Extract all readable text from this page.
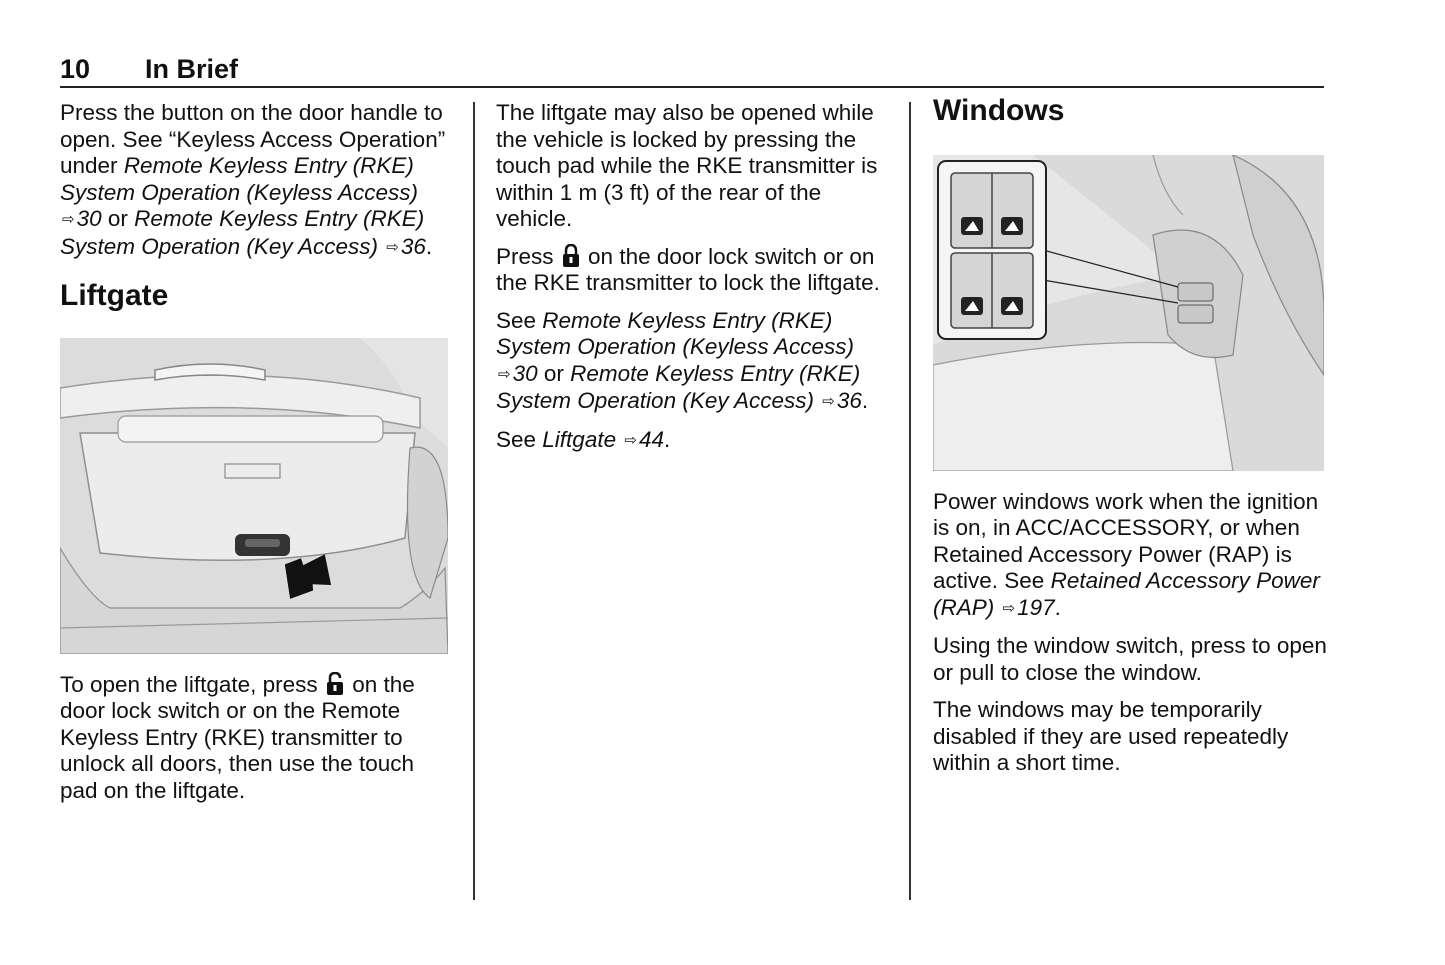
10 In Brief

Press the button on the door handle to open. See “Keyless Access Operation” under Remote Keyless Entry (RKE) System Operation (Keyless Access) ⇨30 or Remote Keyless Entry (RKE) System Operation (Key Access) ⇨36.

Liftgate

To open the liftgate, press on the door lock switch or on the Remote Keyless Entry (RKE) transmitter to unlock all doors, then use the touch pad on the liftgate.

The liftgate may also be opened while the vehicle is locked by pressing the touch pad while the RKE transmitter is within 1 m (3 ft) of the rear of the vehicle.

Press on the door lock switch or on the RKE transmitter to lock the liftgate.

See Remote Keyless Entry (RKE) System Operation (Keyless Access) ⇨30 or Remote Keyless Entry (RKE) System Operation (Key Access) ⇨36.

See Liftgate ⇨44.

Windows

Power windows work when the ignition is on, in ACC/ACCESSORY, or when Retained Accessory Power (RAP) is active. See Retained Accessory Power (RAP) ⇨197.

Using the window switch, press to open or pull to close the window.

The windows may be temporarily disabled if they are used repeatedly within a short time.
